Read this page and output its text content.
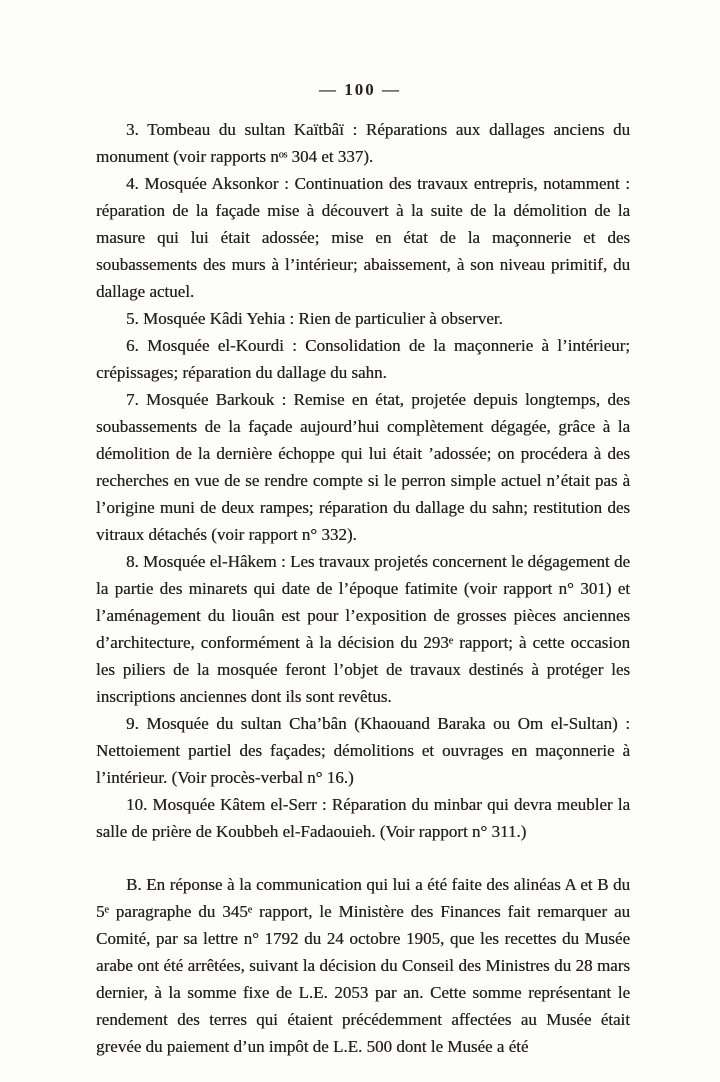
— 100 —

3. Tombeau du sultan Kaïtbâï : Réparations aux dallages anciens du monument (voir rapports nᵒˢ 304 et 337).

4. Mosquée Aksonkor : Continuation des travaux entrepris, notamment : réparation de la façade mise à découvert à la suite de la démolition de la masure qui lui était adossée; mise en état de la maçonnerie et des soubassements des murs à l’intérieur; abaissement, à son niveau primitif, du dallage actuel.

5. Mosquée Kâdi Yehia : Rien de particulier à observer.

6. Mosquée el-Kourdi : Consolidation de la maçonnerie à l’intérieur; crépissages; réparation du dallage du sahn.

7. Mosquée Barkouk : Remise en état, projetée depuis longtemps, des soubassements de la façade aujourd’hui complètement dégagée, grâce à la démolition de la dernière échoppe qui lui était ’adossée; on procédera à des recherches en vue de se rendre compte si le perron simple actuel n’était pas à l’origine muni de deux rampes; réparation du dallage du sahn; restitution des vitraux détachés (voir rapport n° 332).

8. Mosquée el-Hâkem : Les travaux projetés concernent le dégagement de la partie des minarets qui date de l’époque fatimite (voir rapport n° 301) et l’aménagement du liouân est pour l’exposition de grosses pièces anciennes d’architecture, conformément à la décision du 293ᵉ rapport; à cette occasion les piliers de la mosquée feront l’objet de travaux destinés à protéger les inscriptions anciennes dont ils sont revêtus.

9. Mosquée du sultan Cha’bân (Khaouand Baraka ou Om el-Sultan) : Nettoiement partiel des façades; démolitions et ouvrages en maçonnerie à l’intérieur. (Voir procès-verbal n° 16.)

10. Mosquée Kâtem el-Serr : Réparation du minbar qui devra meubler la salle de prière de Koubbeh el-Fadaouieh. (Voir rapport n° 311.)

B. En réponse à la communication qui lui a été faite des alinéas A et B du 5ᵉ paragraphe du 345ᵉ rapport, le Ministère des Finances fait remarquer au Comité, par sa lettre n° 1792 du 24 octobre 1905, que les recettes du Musée arabe ont été arrêtées, suivant la décision du Conseil des Ministres du 28 mars dernier, à la somme fixe de L.E. 2053 par an. Cette somme représentant le rendement des terres qui étaient précédemment affectées au Musée était grevée du paiement d’un impôt de L.E. 500 dont le Musée a été
